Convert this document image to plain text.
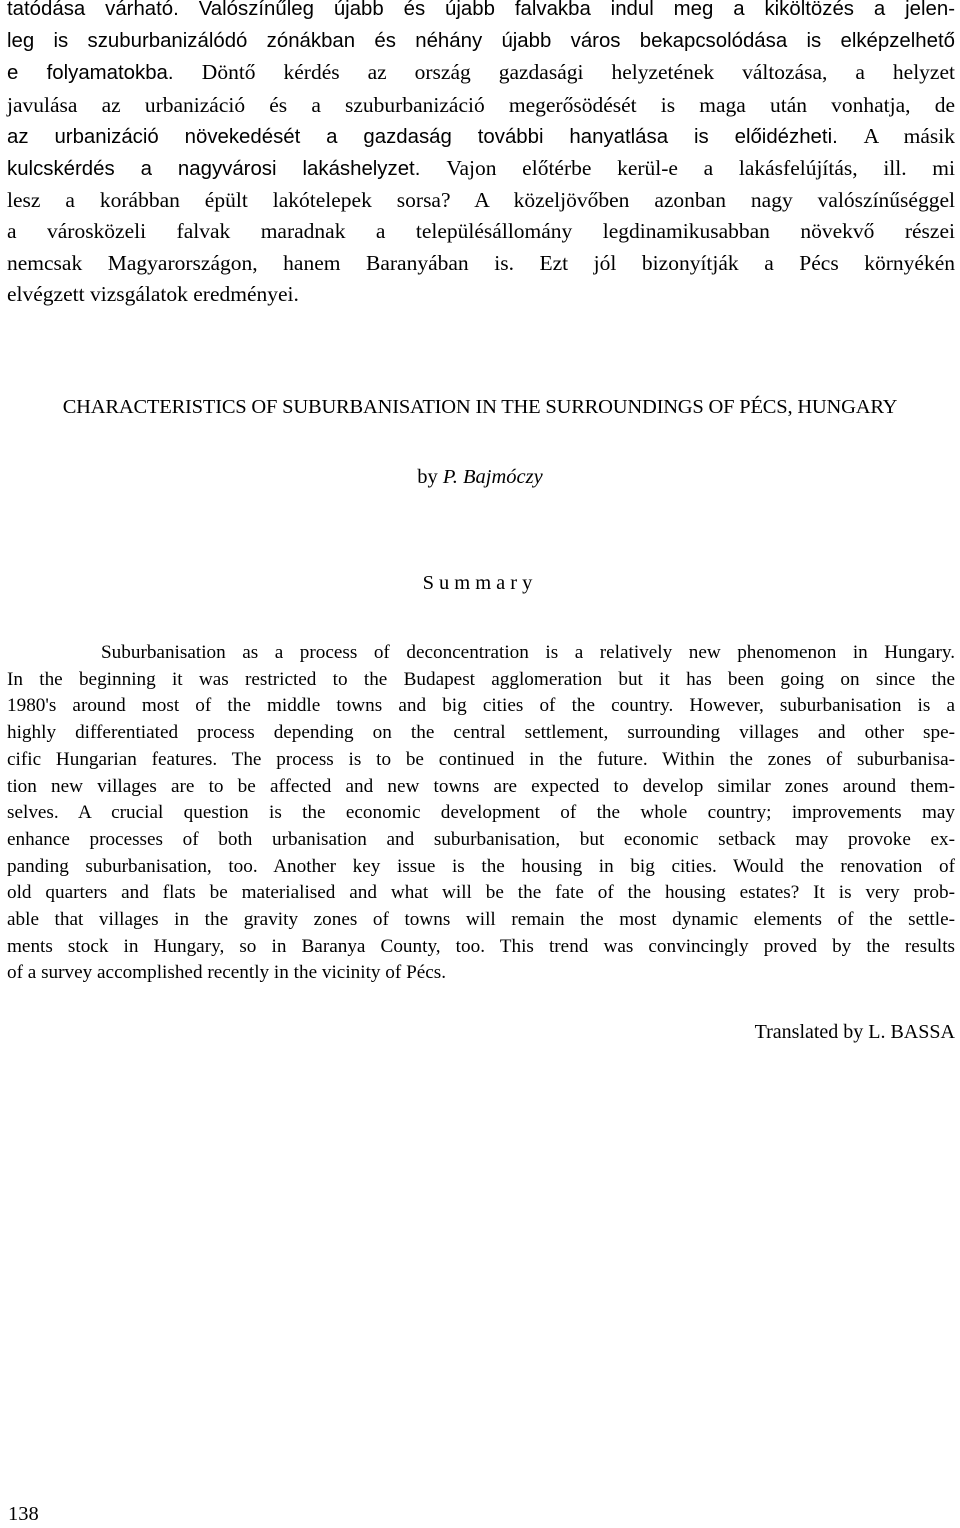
tatódása várható. Valószínűleg újabb és újabb falvakba indul meg a kiköltözés a jelen-
leg is szuburbanizálódó zónákban és néhány újabb város bekapcsolódása is elképzelhető
e folyamatokba. Döntő kérdés az ország gazdasági helyzetének változása, a helyzet
javulása az urbanizáció és a szuburbanizáció megerősödését is maga után vonhatja, de
az urbanizáció növekedését a gazdaság további hanyatlása is előidézheti. A másik
kulcskérdés a nagyvárosi lakáshelyzet. Vajon előtérbe kerül-e a lakásfelújítás, ill. mi
lesz a korábban épült lakótelepek sorsa? A közeljövőben azonban nagy valószínűséggel
a városközeli falvak maradnak a településállomány legdinamikusabban növekvő részei
nemcsak Magyarországon, hanem Baranyában is. Ezt jól bizonyítják a Pécs környékén
elvégzett vizsgálatok eredményei.
CHARACTERISTICS OF SUBURBANISATION IN THE SURROUNDINGS OF PÉCS, HUNGARY
by P. Bajmóczy
Summary
Suburbanisation as a process of deconcentration is a relatively new phenomenon in Hungary.
In the beginning it was restricted to the Budapest agglomeration but it has been going on since the
1980's around most of the middle towns and big cities of the country. However, suburbanisation is a
highly differentiated process depending on the central settlement, surrounding villages and other spe-
cific Hungarian features. The process is to be continued in the future. Within the zones of suburbanisa-
tion new villages are to be affected and new towns are expected to develop similar zones around them-
selves. A crucial question is the economic development of the whole country; improvements may
enhance processes of both urbanisation and suburbanisation, but economic setback may provoke ex-
panding suburbanisation, too. Another key issue is the housing in big cities. Would the renovation of
old quarters and flats be materialised and what will be the fate of the housing estates? It is very prob-
able that villages in the gravity zones of towns will remain the most dynamic elements of the settle-
ments stock in Hungary, so in Baranya County, too. This trend was convincingly proved by the results
of a survey accomplished recently in the vicinity of Pécs.
Translated by L. BASSA
138
